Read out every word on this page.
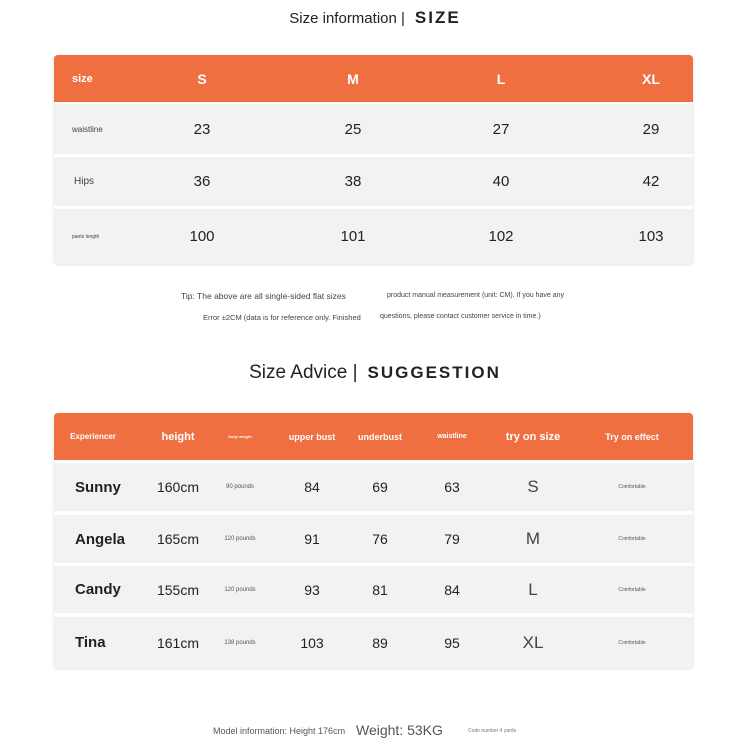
Size information | SIZE
size	S	M	L	XL
waistline	23	25	27	29
Hips	36	38	40	42
pants length	100	101	102	103
Tip: The above are all single-sided flat sizes	product manual measurement (unit: CM). If you have any
Error ±2CM (data is for reference only. Finished	questions, please contact customer service in time.)
Size Advice | SUGGESTION
Experiencer	height	body weight	upper bust	underbust	waistline	try on size	Try on effect
Sunny	160cm	90 pounds	84	69	63	S	Comfortable
Angela 165cm	120 pounds	91	76	79	M	Comfortable
Candy	155cm	120 pounds	93	81	84	L	Comfortable
Tina	161cm	138 pounds	103	89	95	XL	Comfortable
Model information: Height 176cm Weight: 53KG	Code number 4 yards
